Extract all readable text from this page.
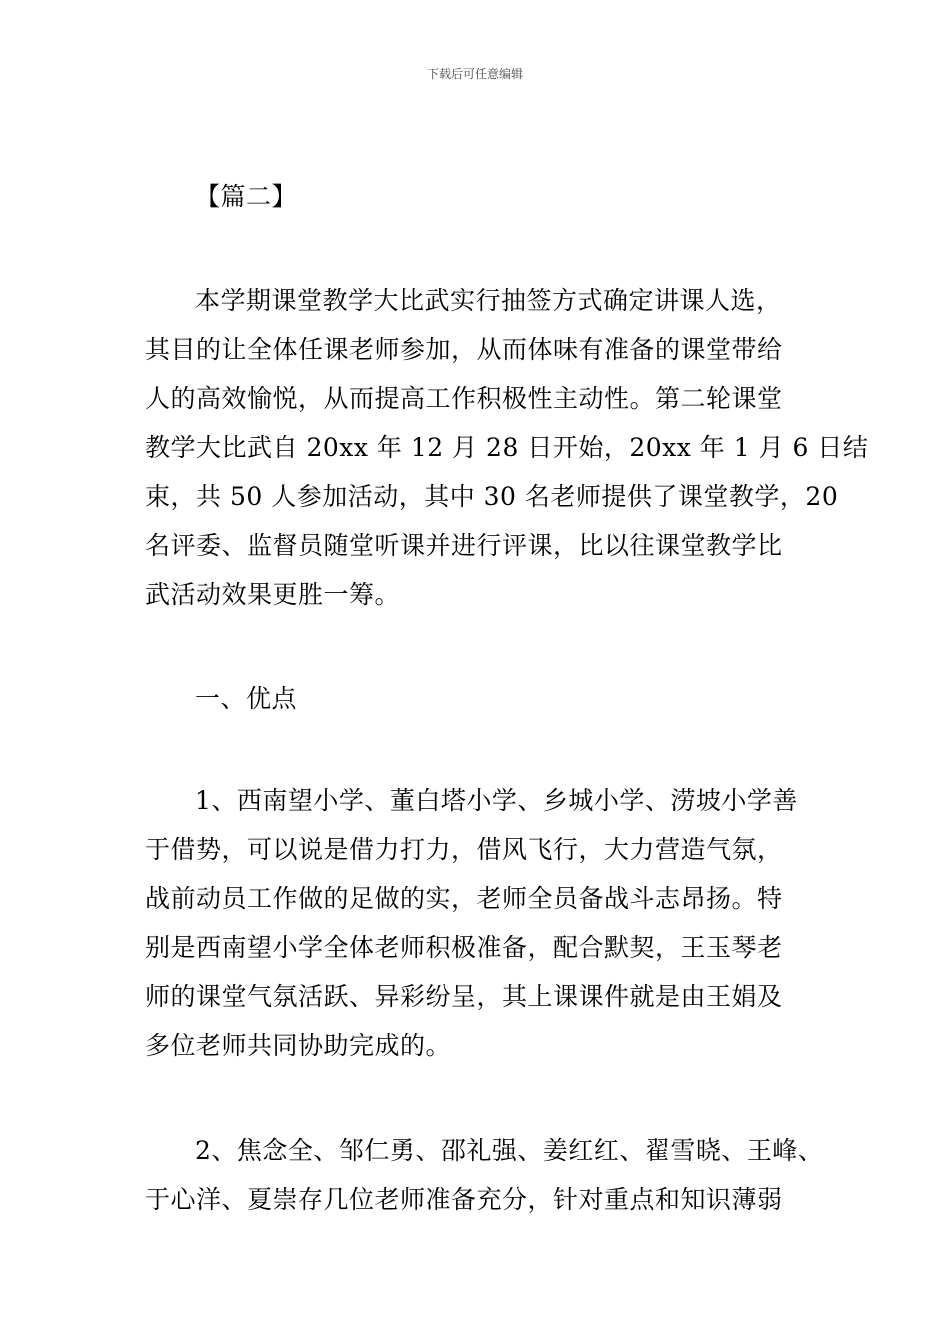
下载后可任意编辑
【篇二】
本学期课堂教学大比武实行抽签方式确定讲课人选，
其目的让全体任课老师参加，从而体味有准备的课堂带给
人的高效愉悦，从而提高工作积极性主动性。第二轮课堂
教学大比武自 20xx 年 12 月 28 日开始，20xx 年 1 月 6 日结
束，共 50 人参加活动，其中 30 名老师提供了课堂教学，20
名评委、监督员随堂听课并进行评课，比以往课堂教学比
武活动效果更胜一筹。
一、优点
1、西南望小学、董白塔小学、乡城小学、涝坡小学善
于借势，可以说是借力打力，借风飞行，大力营造气氛，
战前动员工作做的足做的实，老师全员备战斗志昂扬。特
别是西南望小学全体老师积极准备，配合默契，王玉琴老
师的课堂气氛活跃、异彩纷呈，其上课课件就是由王娟及
多位老师共同协助完成的。
2、焦念全、邹仁勇、邵礼强、姜红红、翟雪晓、王峰、
于心洋、夏崇存几位老师准备充分，针对重点和知识薄弱
